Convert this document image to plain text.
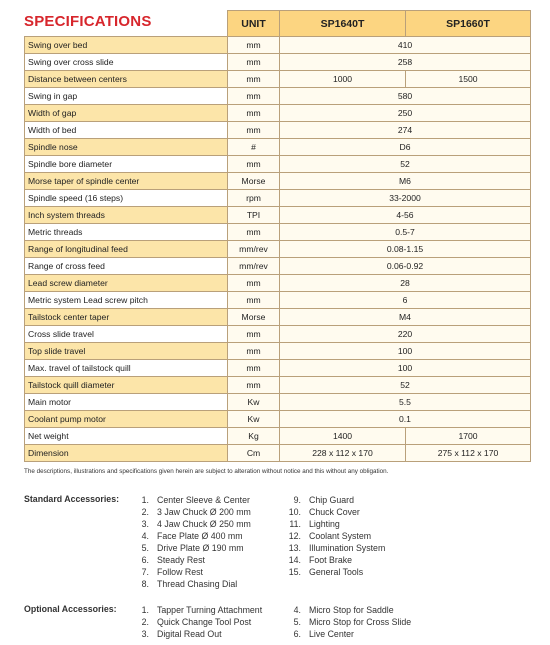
SPECIFICATIONS
		UNIT	SP1640T	SP1660T
Swing over bed	mm	410	
Swing over cross slide	mm	258	
Distance between centers	mm	1000	1500
Swing in gap	mm	580	
Width of gap	mm	250	
Width of bed	mm	274	
Spindle nose	#	D6	
Spindle bore diameter	mm	52	
Morse taper of spindle center	Morse	M6	
Spindle speed (16 steps)	rpm	33-2000	
Inch system threads	TPI	4-56	
Metric threads	mm	0.5-7	
Range of longitudinal feed	mm/rev	0.08-1.15	
Range of cross feed	mm/rev	0.06-0.92	
Lead screw diameter	mm	28	
Metric system Lead screw pitch	mm	6	
Tailstock center taper	Morse	M4	
Cross slide travel	mm	220	
Top slide travel	mm	100	
Max. travel of tailstock quill	mm	100	
Tailstock quill diameter	mm	52	
Main motor	Kw	5.5	
Coolant pump motor	Kw	0.1	
Net weight	Kg	1400	1700
Dimension	Cm	228 x 112 x 170	275 x 112 x 170
The descriptions, illustrations and specifications given herein are subject to alteration without notice and this without any obligation.
Standard Accessories:	1. Center Sleeve & Center
2. 3 Jaw Chuck Ø 200 mm
3. 4 Jaw Chuck Ø 250 mm
4. Face Plate Ø 400 mm
5. Drive Plate Ø 190 mm
6. Steady Rest
7. Follow Rest
8. Thread Chasing Dial
9. Chip Guard
10. Chuck Cover
11. Lighting
12. Coolant System
13. Illumination System
14. Foot Brake
15. General Tools
Optional Accessories:	1. Tapper Turning Attachment
2. Quick Change Tool Post
3. Digital Read Out
4. Micro Stop for Saddle
5. Micro Stop for Cross Slide
6. Live Center
